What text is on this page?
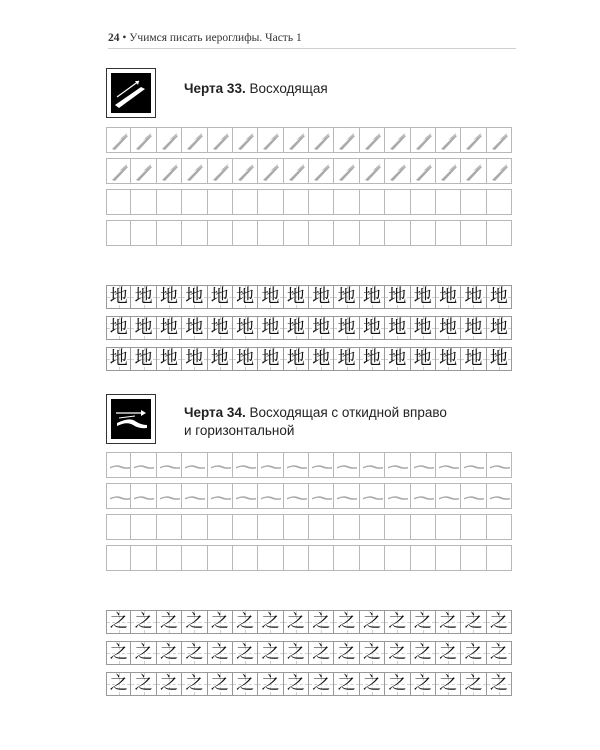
24 • Учимся писать иероглифы. Часть 1
Черта 33. Восходящая
地 地 地 地 地 地 地 地 地 地 地 地 地 地 地 地
地 地 地 地 地 地 地 地 地 地 地 地 地 地 地 地
地 地 地 地 地 地 地 地 地 地 地 地 地 地 地 地
Черта 34. Восходящая с откидной вправо
и горизонтальной
之 之 之 之 之 之 之 之 之 之 之 之 之 之 之 之
之 之 之 之 之 之 之 之 之 之 之 之 之 之 之 之
之 之 之 之 之 之 之 之 之 之 之 之 之 之 之 之
